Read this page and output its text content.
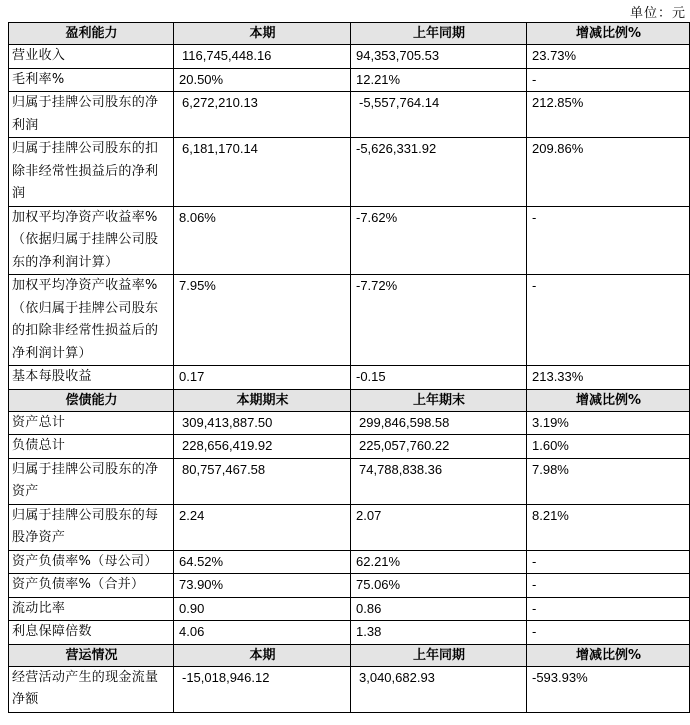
单位：元
盈利能力	本期	上年同期	增减比例%
营业收入	116,745,448.16	94,353,705.53	23.73%
毛利率%	20.50%	12.21%	-
归属于挂牌公司股东的净利润	6,272,210.13	-5,557,764.14	212.85%
归属于挂牌公司股东的扣除非经常性损益后的净利润	6,181,170.14	-5,626,331.92	209.86%
加权平均净资产收益率%（依据归属于挂牌公司股东的净利润计算）	8.06%	-7.62%	-
加权平均净资产收益率%（依归属于挂牌公司股东的扣除非经常性损益后的净利润计算）	7.95%	-7.72%	-
基本每股收益	0.17	-0.15	213.33%
偿债能力	本期期末	上年期末	增减比例%
资产总计	309,413,887.50	299,846,598.58	3.19%
负债总计	228,656,419.92	225,057,760.22	1.60%
归属于挂牌公司股东的净资产	80,757,467.58	74,788,838.36	7.98%
归属于挂牌公司股东的每股净资产	2.24	2.07	8.21%
资产负债率%（母公司）	64.52%	62.21%	-
资产负债率%（合并）	73.90%	75.06%	-
流动比率	0.90	0.86	-
利息保障倍数	4.06	1.38	-
营运情况	本期	上年同期	增减比例%
经营活动产生的现金流量净额	-15,018,946.12	3,040,682.93	-593.93%
